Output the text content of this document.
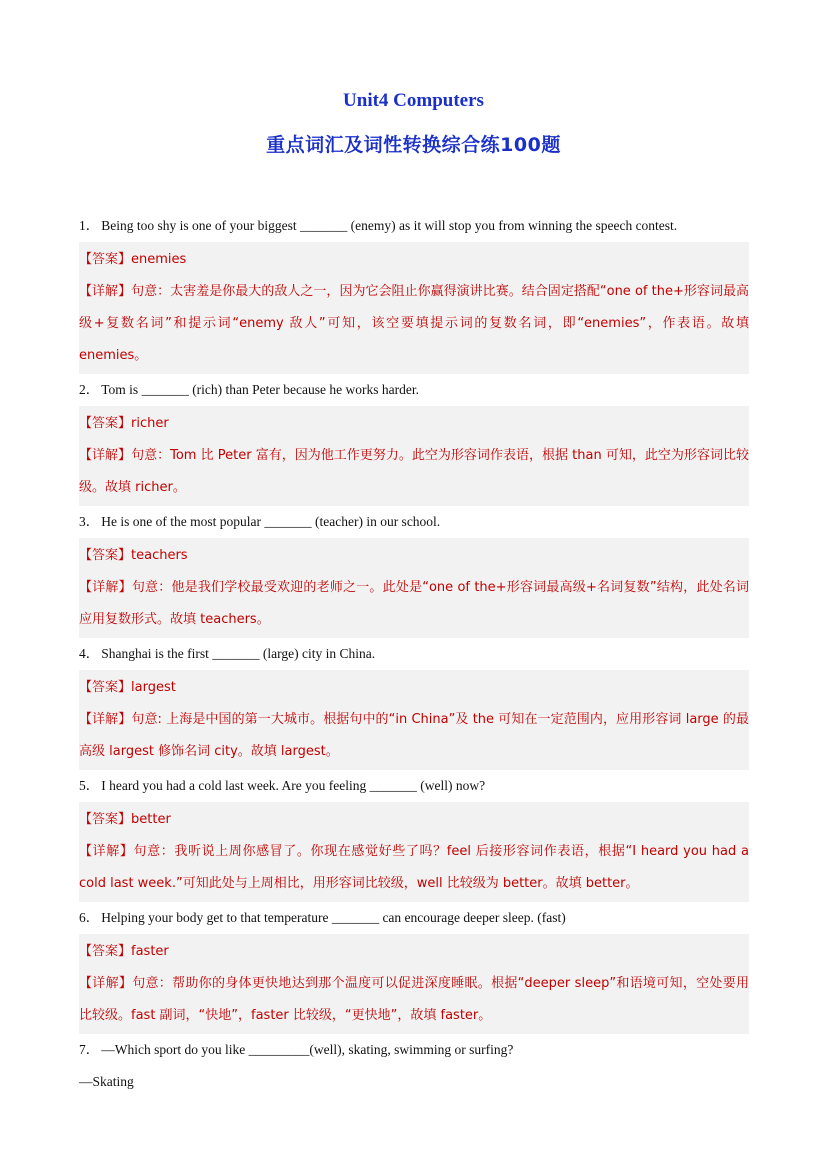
Unit4 Computers
重点词汇及词性转换综合练100题
1． Being too shy is one of your biggest _______ (enemy) as it will stop you from winning the speech contest.
【答案】enemies
【详解】句意：太害羞是你最大的敌人之一，因为它会阻止你赢得演讲比赛。结合固定搭配“one of the+形容词最高级+复数名词”和提示词“enemy 敌人”可知，该空要填提示词的复数名词，即“enemies”，作表语。故填 enemies。
2． Tom is _______ (rich) than Peter because he works harder.
【答案】richer
【详解】句意：Tom 比 Peter 富有，因为他工作更努力。此空为形容词作表语，根据 than 可知，此空为形容词比较级。故填 richer。
3． He is one of the most popular _______ (teacher) in our school.
【答案】teachers
【详解】句意：他是我们学校最受欢迎的老师之一。此处是“one of the+形容词最高级+名词复数”结构，此处名词应用复数形式。故填 teachers。
4． Shanghai is the first _______ (large) city in China.
【答案】largest
【详解】句意: 上海是中国的第一大城市。根据句中的“in China”及 the 可知在一定范围内，应用形容词 large 的最高级 largest 修饰名词 city。故填 largest。
5． I heard you had a cold last week. Are you feeling _______ (well) now?
【答案】better
【详解】句意：我听说上周你感冒了。你现在感觉好些了吗？feel 后接形容词作表语，根据“I heard you had a cold last week.”可知此处与上周相比，用形容词比较级，well 比较级为 better。故填 better。
6． Helping your body get to that temperature _______ can encourage deeper sleep. (fast)
【答案】faster
【详解】句意：帮助你的身体更快地达到那个温度可以促进深度睡眠。根据“deeper sleep”和语境可知，空处要用比较级。fast 副词，“快地”，faster 比较级，“更快地”，故填 faster。
7． —Which sport do you like _________(well), skating, swimming or surfing?
—Skating
